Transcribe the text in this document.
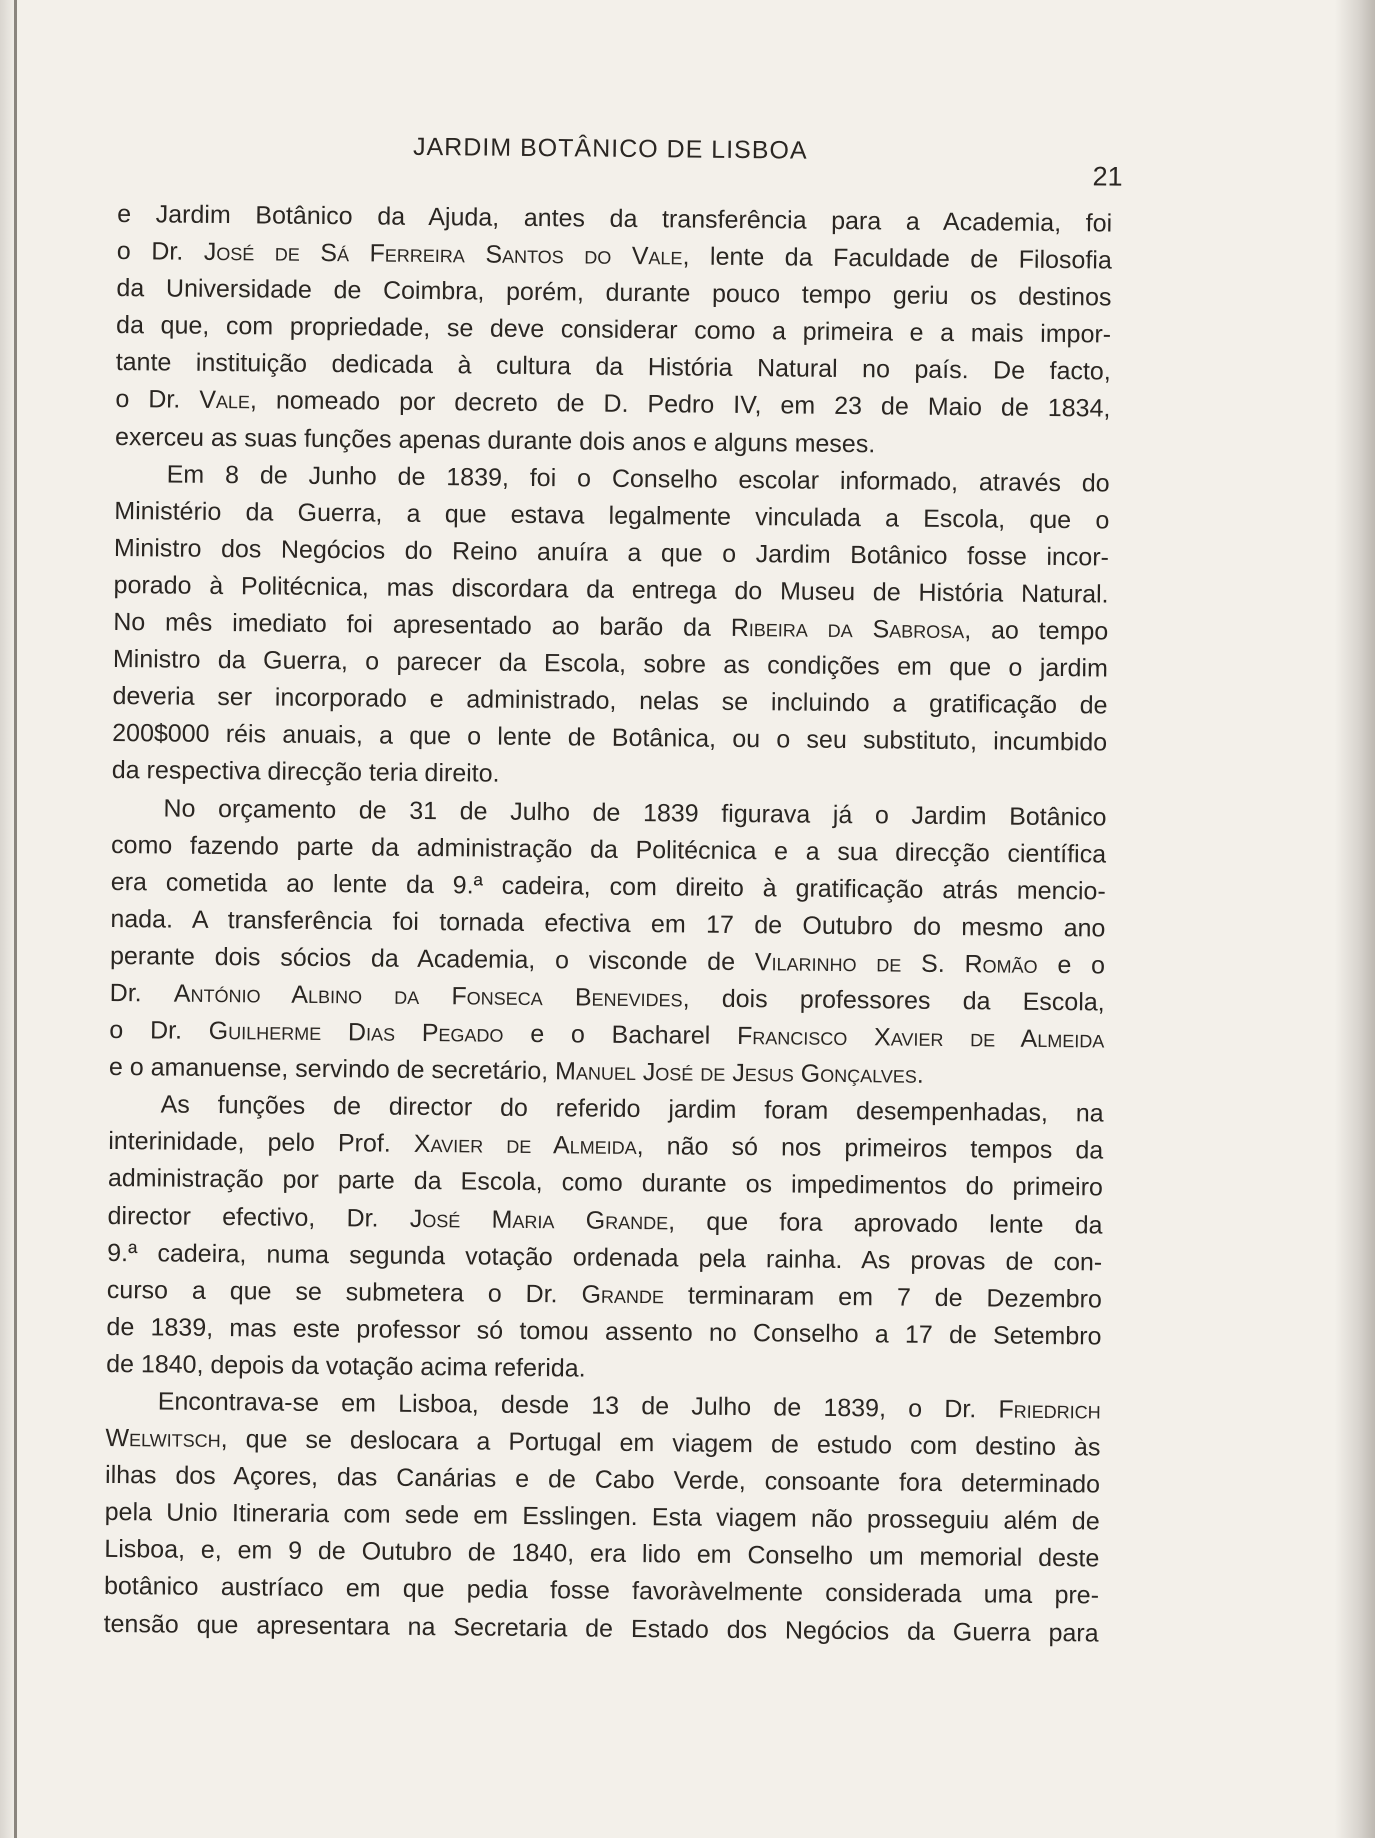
JARDIM BOTÂNICO DE LISBOA
21
e Jardim Botânico da Ajuda, antes da transferência para a Academia, foi
o Dr. José de Sá Ferreira Santos do Vale, lente da Faculdade de Filosofia
da Universidade de Coimbra, porém, durante pouco tempo geriu os destinos
da que, com propriedade, se deve considerar como a primeira e a mais impor-
tante instituição dedicada à cultura da História Natural no país. De facto,
o Dr. Vale, nomeado por decreto de D. Pedro IV, em 23 de Maio de 1834,
exerceu as suas funções apenas durante dois anos e alguns meses.
Em 8 de Junho de 1839, foi o Conselho escolar informado, através do
Ministério da Guerra, a que estava legalmente vinculada a Escola, que o
Ministro dos Negócios do Reino anuíra a que o Jardim Botânico fosse incor-
porado à Politécnica, mas discordara da entrega do Museu de História Natural.
No mês imediato foi apresentado ao barão da Ribeira da Sabrosa, ao tempo
Ministro da Guerra, o parecer da Escola, sobre as condições em que o jardim
deveria ser incorporado e administrado, nelas se incluindo a gratificação de
200$000 réis anuais, a que o lente de Botânica, ou o seu substituto, incumbido
da respectiva direcção teria direito.
No orçamento de 31 de Julho de 1839 figurava já o Jardim Botânico
como fazendo parte da administração da Politécnica e a sua direcção científica
era cometida ao lente da 9.ª cadeira, com direito à gratificação atrás mencio-
nada. A transferência foi tornada efectiva em 17 de Outubro do mesmo ano
perante dois sócios da Academia, o visconde de Vilarinho de S. Romão e o
Dr. António Albino da Fonseca Benevides, dois professores da Escola,
o Dr. Guilherme Dias Pegado e o Bacharel Francisco Xavier de Almeida
e o amanuense, servindo de secretário, Manuel José de Jesus Gonçalves.
As funções de director do referido jardim foram desempenhadas, na
interinidade, pelo Prof. Xavier de Almeida, não só nos primeiros tempos da
administração por parte da Escola, como durante os impedimentos do primeiro
director efectivo, Dr. José Maria Grande, que fora aprovado lente da
9.ª cadeira, numa segunda votação ordenada pela rainha. As provas de con-
curso a que se submetera o Dr. Grande terminaram em 7 de Dezembro
de 1839, mas este professor só tomou assento no Conselho a 17 de Setembro
de 1840, depois da votação acima referida.
Encontrava-se em Lisboa, desde 13 de Julho de 1839, o Dr. Friedrich
Welwitsch, que se deslocara a Portugal em viagem de estudo com destino às
ilhas dos Açores, das Canárias e de Cabo Verde, consoante fora determinado
pela Unio Itineraria com sede em Esslingen. Esta viagem não prosseguiu além de
Lisboa, e, em 9 de Outubro de 1840, era lido em Conselho um memorial deste
botânico austríaco em que pedia fosse favoràvelmente considerada uma pre-
tensão que apresentara na Secretaria de Estado dos Negócios da Guerra para
